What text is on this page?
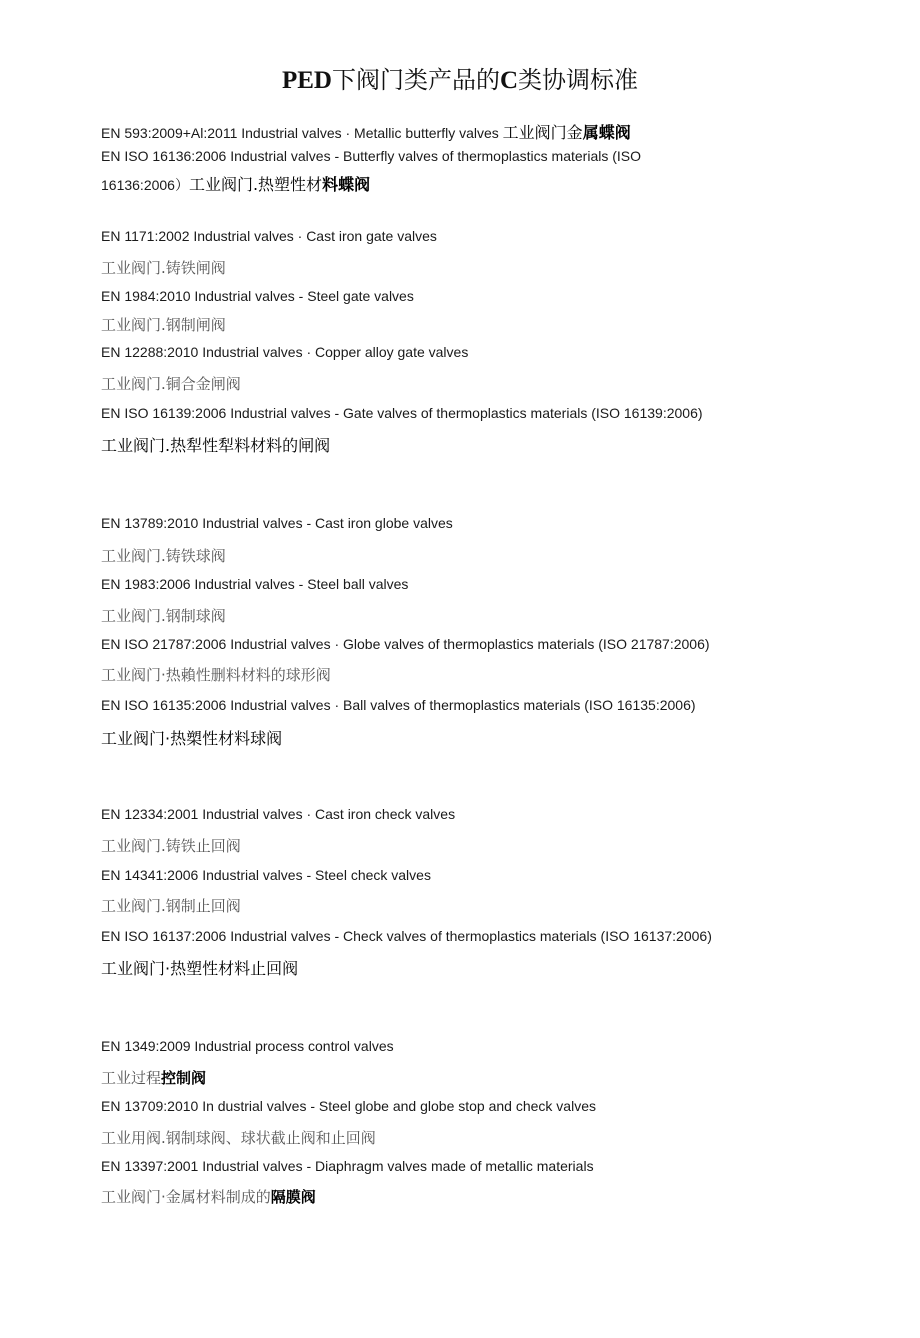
PED下阀门类产品的C类协调标准
EN 593:2009+Al:2011 Industrial valves · Metallic butterfly valves 工业阀门金属蝶阀
EN ISO 16136:2006 Industrial valves - Butterfly valves of thermoplastics materials (ISO
16136:2006）工业阀门.热塑性材料蝶阀
EN 1171:2002 Industrial valves · Cast iron gate valves
工业阀门.铸铁闸阀
EN 1984:2010 Industrial valves - Steel gate valves
工业阀门.钢制闸阀
EN 12288:2010 Industrial valves · Copper alloy gate valves
工业阀门.铜合金闸阀
EN ISO 16139:2006 Industrial valves - Gate valves of thermoplastics materials (ISO 16139:2006)
工业阀门.热犁性犁料材料的闸阀
EN 13789:2010 Industrial valves - Cast iron globe valves
工业阀门.铸铁球阀
EN 1983:2006 Industrial valves - Steel ball valves
工业阀门.钢制球阀
EN ISO 21787:2006 Industrial valves · Globe valves of thermoplastics materials (ISO 21787:2006)
工业阀门·热賴性删料材料的球形阀
EN ISO 16135:2006 Industrial valves · Ball valves of thermoplastics materials (ISO 16135:2006)
工业阀门·热槊性材料球阀
EN 12334:2001 Industrial valves · Cast iron check valves
工业阀门.铸铁止回阀
EN 14341:2006 Industrial valves - Steel check valves
工业阀门.钢制止回阀
EN ISO 16137:2006 Industrial valves - Check valves of thermoplastics materials (ISO 16137:2006)
工业阀门·热塑性材料止回阀
EN 1349:2009 Industrial process control valves
工业过程控制阀
EN 13709:2010 In dustrial valves - Steel globe and globe stop and check valves
工业用阀.钢制球阀、球状截止阀和止回阀
EN 13397:2001 Industrial valves - Diaphragm valves made of metallic materials
工业阀门·金属材料制成的隔膜阀
